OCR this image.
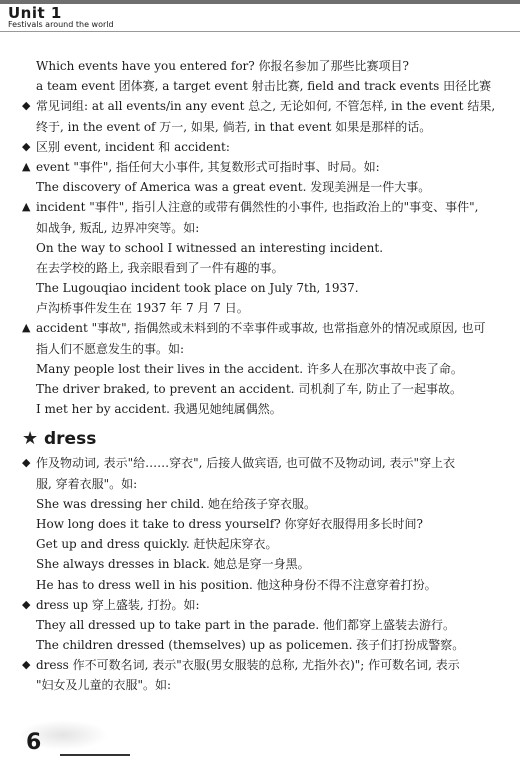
Unit 1
Festivals around the world
Which events have you entered for? 你报名参加了那些比赛项目?
a team event 团体赛, a target event 射击比赛, field and track events 田径比赛
◆ 常见词组: at all events/in any event 总之, 无论如何, 不管怎样, in the event 结果,
终于, in the event of 万一, 如果, 倘若, in that event 如果是那样的话。
◆ 区别 event, incident 和 accident:
▲ event "事件", 指任何大小事件, 其复数形式可指时事、时局。如:
The discovery of America was a great event. 发现美洲是一件大事。
▲ incident "事件", 指引人注意的或带有偶然性的小事件, 也指政治上的"事变、事件",
如战争, 叛乱, 边界冲突等。如:
On the way to school I witnessed an interesting incident.
在去学校的路上, 我亲眼看到了一件有趣的事。
The Lugouqiao incident took place on July 7th, 1937.
卢沟桥事件发生在 1937 年 7 月 7 日。
▲ accident "事故", 指偶然或未料到的不幸事件或事故, 也常指意外的情况或原因, 也可
指人们不愿意发生的事。如:
Many people lost their lives in the accident. 许多人在那次事故中丧了命。
The driver braked, to prevent an accident. 司机刹了车, 防止了一起事故。
I met her by accident. 我遇见她纯属偶然。
★ dress
◆ 作及物动词, 表示"给……穿衣", 后接人做宾语, 也可做不及物动词, 表示"穿上衣
服, 穿着衣服"。如:
She was dressing her child. 她在给孩子穿衣服。
How long does it take to dress yourself? 你穿好衣服得用多长时间?
Get up and dress quickly. 赶快起床穿衣。
She always dresses in black. 她总是穿一身黑。
He has to dress well in his position. 他这种身份不得不注意穿着打扮。
◆ dress up 穿上盛装, 打扮。如:
They all dressed up to take part in the parade. 他们都穿上盛装去游行。
The children dressed (themselves) up as policemen. 孩子们打扮成警察。
◆ dress 作不可数名词, 表示"衣服(男女服装的总称, 尤指外衣)"; 作可数名词, 表示
"妇女及儿童的衣服"。如:
6
